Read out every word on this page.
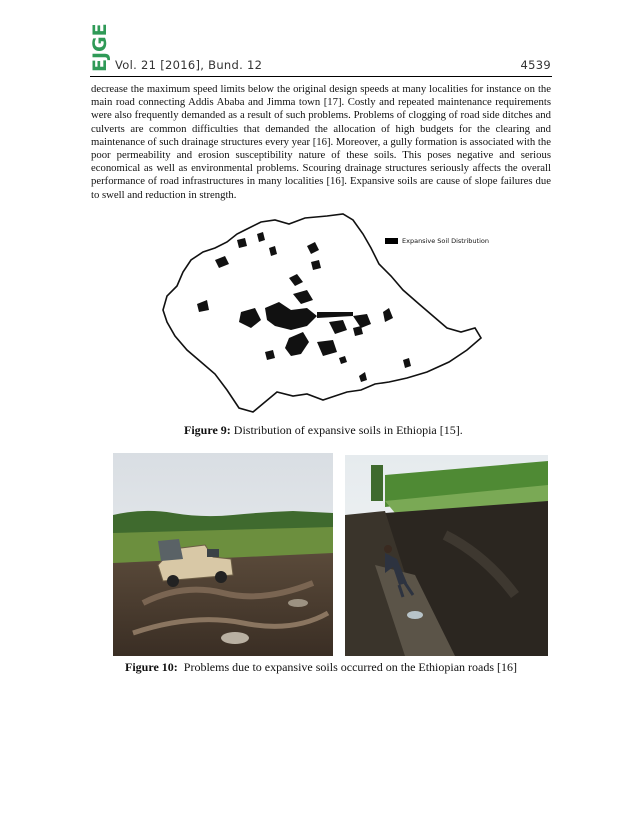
EJGE Vol. 21 [2016], Bund. 12	4539

decrease the maximum speed limits below the original design speeds at many localities for instance on the main road connecting Addis Ababa and Jimma town [17]. Costly and repeated maintenance requirements were also frequently demanded as a result of such problems. Problems of clogging of road side ditches and culverts are common difficulties that demanded the allocation of high budgets for the clearing and maintenance of such drainage structures every year [16]. Moreover, a gully formation is associated with the poor permeability and erosion susceptibility nature of these soils. This poses negative and serious economical as well as environmental problems. Scouring drainage structures seriously affects the overall performance of road infrastructures in many localities [16]. Expansive soils are cause of slope failures due to swell and reduction in strength.

Expansive Soil Distribution
Figure 9: Distribution of expansive soils in Ethiopia [15].
Figure 10:  Problems due to expansive soils occurred on the Ethiopian roads [16]
